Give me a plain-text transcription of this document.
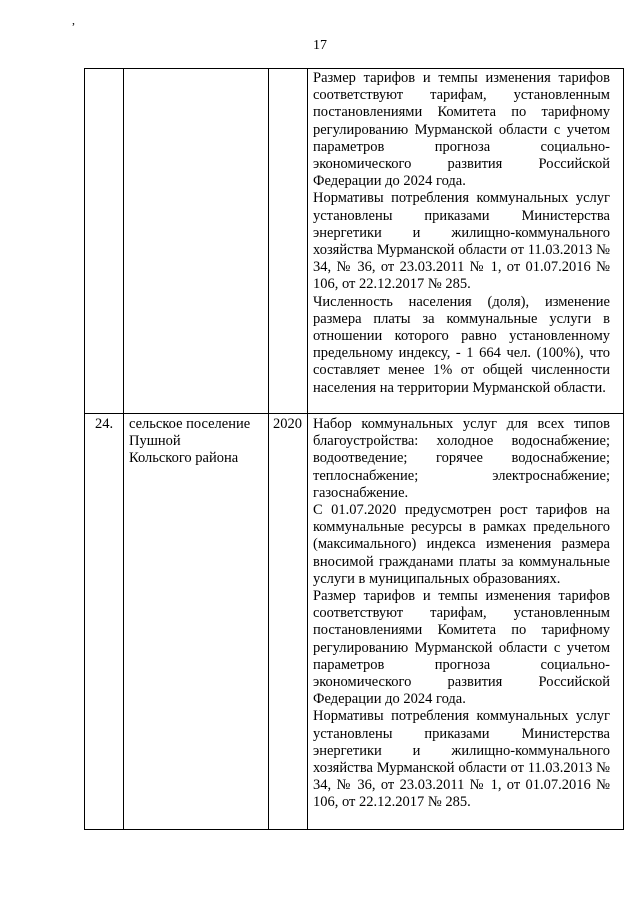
,
17
Размер тарифов и темпы изменения тарифов соответствуют тарифам, установленным постановлениями Комитета по тарифному регулированию Мурманской области с учетом параметров прогноза социально-экономического развития Российской Федерации до 2024 года.
Нормативы потребления коммунальных услуг установлены приказами Министерства энергетики и жилищно-коммунального хозяйства Мурманской области от 11.03.2013 № 34, № 36, от 23.03.2011 № 1, от 01.07.2016 № 106, от 22.12.2017 № 285.
Численность населения (доля), изменение размера платы за коммунальные услуги в отношении которого равно установленному предельному индексу, - 1 664 чел. (100%), что составляет менее 1% от общей численности населения на территории Мурманской области.
24.	сельское поселение Пушной
Кольского района
2020 Набор коммунальных услуг для всех типов благоустройства: холодное водоснабжение; водоотведение; горячее водоснабжение; теплоснабжение; электроснабжение; газоснабжение.
С 01.07.2020 предусмотрен рост тарифов на коммунальные ресурсы в рамках предельного (максимального) индекса изменения размера вносимой гражданами платы за коммунальные услуги в муниципальных образованиях.
Размер тарифов и темпы изменения тарифов соответствуют тарифам, установленным постановлениями Комитета по тарифному регулированию Мурманской области с учетом параметров прогноза социально-экономического развития Российской Федерации до 2024 года.
Нормативы потребления коммунальных услуг установлены приказами Министерства энергетики и жилищно-коммунального хозяйства Мурманской области от 11.03.2013 № 34, № 36, от 23.03.2011 № 1, от 01.07.2016 № 106, от 22.12.2017 № 285.
